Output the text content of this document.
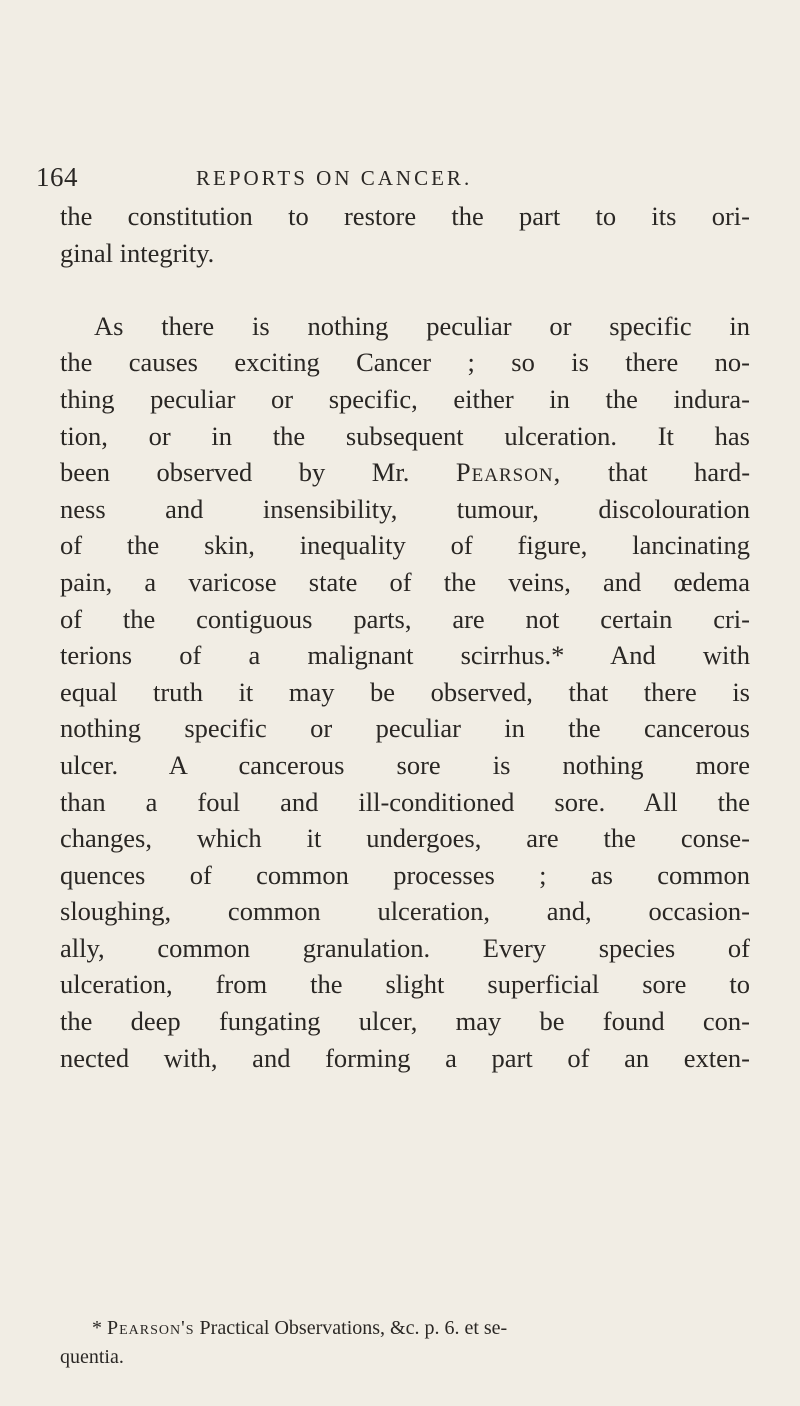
164	REPORTS ON CANCER.
the constitution to restore the part to its ori-
ginal integrity.
As there is nothing peculiar or specific in
the causes exciting Cancer ; so is there no-
thing peculiar or specific, either in the indura-
tion, or in the subsequent ulceration. It has
been observed by Mr. Pearson, that hard-
ness and insensibility, tumour, discolouration
of the skin, inequality of figure, lancinating
pain, a varicose state of the veins, and œdema
of the contiguous parts, are not certain cri-
terions of a malignant scirrhus.* And with
equal truth it may be observed, that there is
nothing specific or peculiar in the cancerous
ulcer. A cancerous sore is nothing more
than a foul and ill-conditioned sore. All the
changes, which it undergoes, are the conse-
quences of common processes ; as common
sloughing, common ulceration, and, occasion-
ally, common granulation. Every species of
ulceration, from the slight superficial sore to
the deep fungating ulcer, may be found con-
nected with, and forming a part of an exten-
* Pearson's Practical Observations, &c. p. 6. et se-
quentia.
